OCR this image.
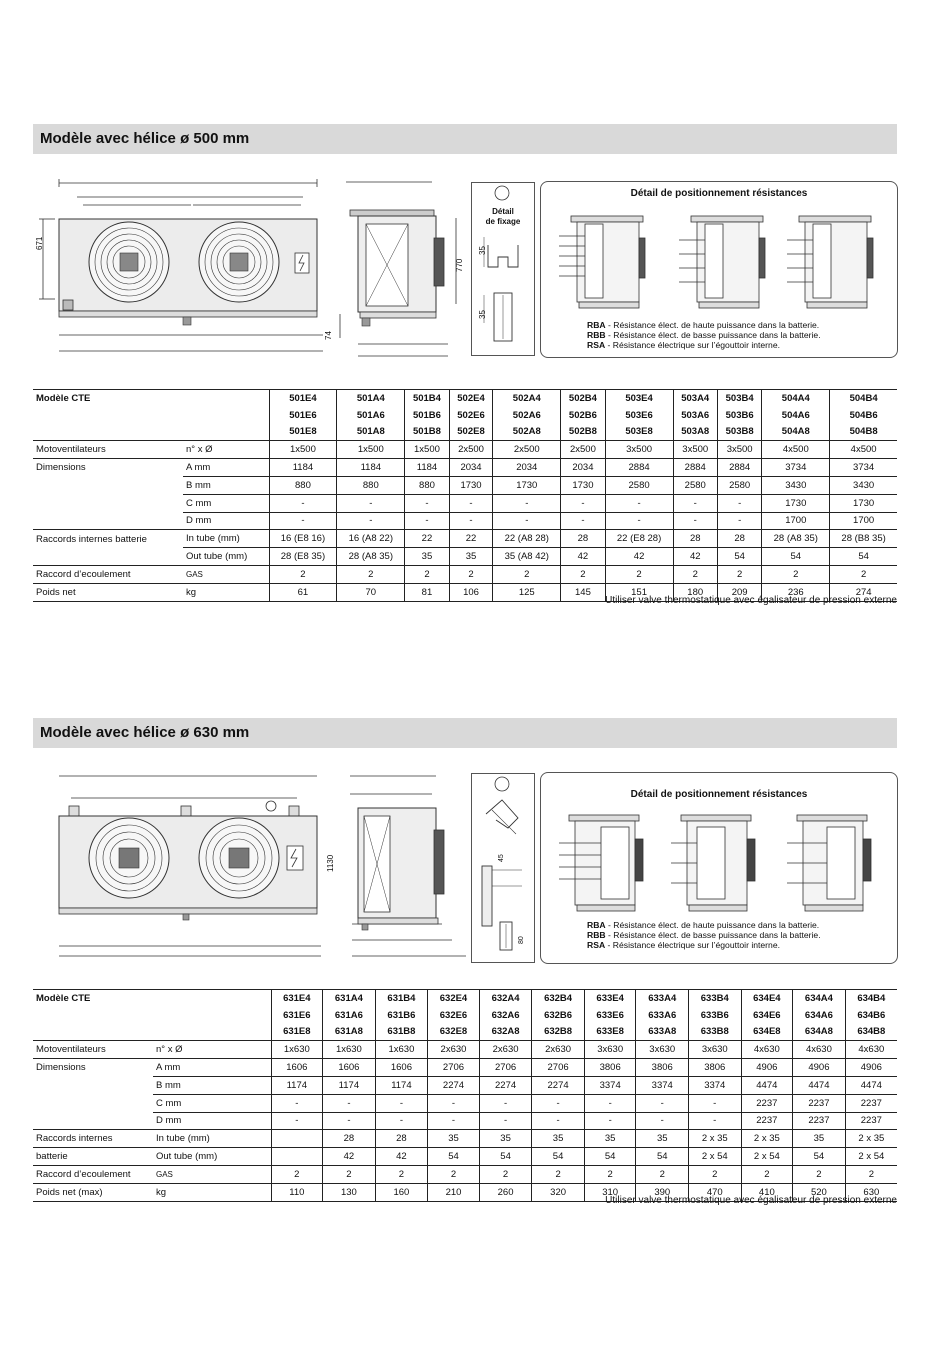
Modèle avec hélice ø 500 mm
671
74
770
Détail
de fixage
35
35
Détail de positionnement résistances
RBA - Résistance élect. de haute puissance dans la batterie.
RBB - Résistance élect. de basse puissance dans la batterie.
RSA - Résistance électrique sur l’égouttoir interne.
Modèle CTE		501E4	501A4	501B4	502E4	502A4	502B4	503E4	503A4	503B4	504A4	504B4
		501E6	501A6	501B6	502E6	502A6	502B6	503E6	503A6	503B6	504A6	504B6
		501E8	501A8	501B8	502E8	502A8	502B8	503E8	503A8	503B8	504A8	504B8
Motoventilateurs	n° x Ø	1x500	1x500	1x500	2x500	2x500	2x500	3x500	3x500	3x500	4x500	4x500
Dimensions	A mm	1184	1184	1184	2034	2034	2034	2884	2884	2884	3734	3734
	B mm	880	880	880	1730	1730	1730	2580	2580	2580	3430	3430
	C mm	-	-	-	-	-	-	-	-	-	1730	1730
	D mm	-	-	-	-	-	-	-	-	-	1700	1700
Raccords internes batterie	In tube (mm)	16 (E8 16)	16 (A8 22)	22	22	22 (A8 28)	28	22 (E8 28)	28	28	28 (A8 35)	28 (B8 35)
	Out tube (mm)	28 (E8 35)	28 (A8 35)	35	35	35 (A8 42)	42	42	42	54	54	54
Raccord d’ecoulement	GAS	2	2	2	2	2	2	2	2	2	2	2
Poids net	kg	61	70	81	106	125	145	151	180	209	236	274
Utiliser valve thermostatique avec égalisateur de pression externe
Modèle avec hélice ø 630 mm
1130	45
80
Détail de positionnement résistances
RBA - Résistance élect. de haute puissance dans la batterie.
RBB - Résistance élect. de basse puissance dans la batterie.
RSA - Résistance électrique sur l’égouttoir interne.
Modèle CTE		631E4	631A4	631B4	632E4	632A4	632B4	633E4	633A4	633B4	634E4	634A4	634B4
		631E6	631A6	631B6	632E6	632A6	632B6	633E6	633A6	633B6	634E6	634A6	634B6
		631E8	631A8	631B8	632E8	632A8	632B8	633E8	633A8	633B8	634E8	634A8	634B8
Motoventilateurs	n° x Ø	1x630	1x630	1x630	2x630	2x630	2x630	3x630	3x630	3x630	4x630	4x630	4x630
Dimensions	A mm	1606	1606	1606	2706	2706	2706	3806	3806	3806	4906	4906	4906
	B mm	1174	1174	1174	2274	2274	2274	3374	3374	3374	4474	4474	4474
	C mm	-	-	-	-	-	-	-	-	-	2237	2237	2237
	D mm	-	-	-	-	-	-	-	-	-	2237	2237	2237
Raccords internes	In tube (mm)		28	28	35	35	35	35	35	2 x 35	2 x 35	35	2 x 35
batterie	Out tube (mm)		42	42	54	54	54	54	54	2 x 54	2 x 54	54	2 x 54
Raccord d’ecoulement	GAS	2	2	2	2	2	2	2	2	2	2	2	2
Poids net (max)	kg	110	130	160	210	260	320	310	390	470	410	520	630
Utiliser valve thermostatique avec égalisateur de pression externe
